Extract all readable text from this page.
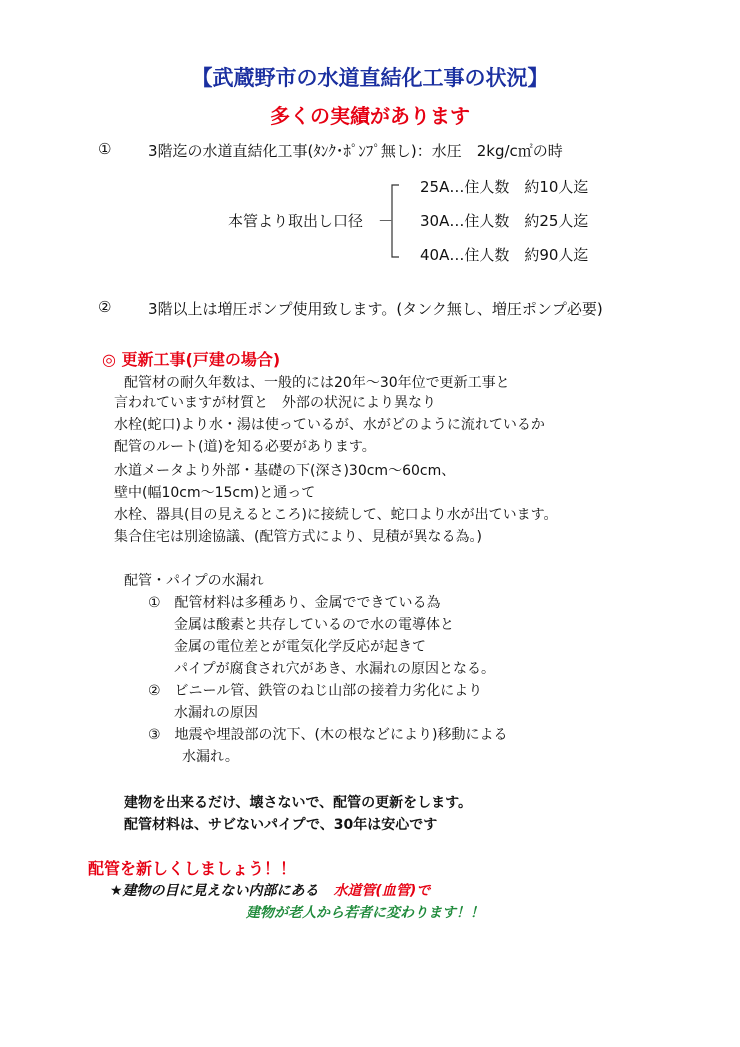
【武蔵野市の水道直結化工事の状況】
多くの実績があります
① 3階迄の水道直結化工事(ﾀﾝｸ･ﾎﾟﾝﾌﾟ無し)：水圧　2kg/c㎡の時
本管より取出し口径 －
25A…住人数　約10人迄
30A…住人数　約25人迄
40A…住人数　約90人迄
② 3階以上は増圧ポンプ使用致します。(タンク無し、増圧ポンプ必要)
◎ 更新工事(戸建の場合)
配管材の耐久年数は、一般的には20年～30年位で更新工事と
言われていますが材質と　外部の状況により異なり
水栓(蛇口)より水・湯は使っているが、水がどのように流れているか
配管のルート(道)を知る必要があります。
水道メータより外部・基礎の下(深さ)30cm～60cm、
壁中(幅10cm～15cm)と通って
水栓、器具(目の見えるところ)に接続して、蛇口より水が出ています。
集合住宅は別途協議、(配管方式により、見積が異なる為。)
配管・パイプの水漏れ
①　配管材料は多種あり、金属でできている為
金属は酸素と共存しているので水の電導体と
金属の電位差とが電気化学反応が起きて
パイプが腐食され穴があき、水漏れの原因となる。
②　ビニール管、鉄管のねじ山部の接着力劣化により
水漏れの原因
③　地震や埋設部の沈下、(木の根などにより)移動による
水漏れ。
建物を出来るだけ、壊さないで、配管の更新をします。
配管材料は、サビないパイプで、30年は安心です
配管を新しくしましょう！！
★建物の目に見えない内部にある 水道管(血管)で
建物が老人から若者に変わります！！
